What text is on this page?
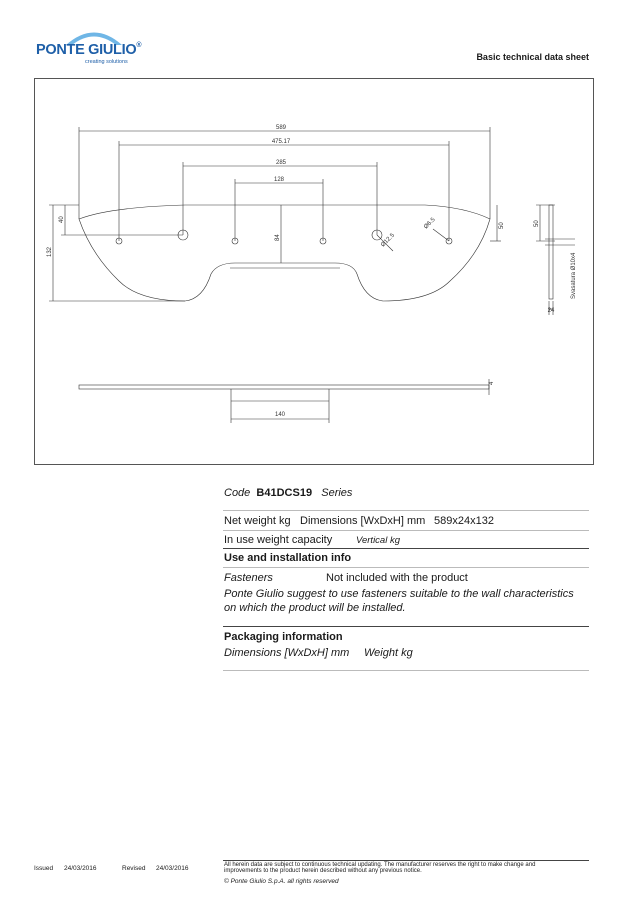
PONTE GIULIO®
creating solutions	Basic technical data sheet
589
475.17
285
128
40
132
84
50
Ø12.5
Ø6.5	50
Svasatura Ø10x4
24
4
140
Code B41DCS19 Series
Net weight kg Dimensions [WxDxH] mm 589x24x132
In use weight capacity	Vertical kg
Use and installation info
Fasteners	Not included with the product
Ponte Giulio suggest to use fasteners suitable to the wall characteristics
on which the product will be installed.
Packaging information
Dimensions [WxDxH] mm Weight kg
Issued 24/03/2016	Revised 24/03/2016	All herein data are subject to continuous technical updating. The manufacturer reserves the right to make change and
improvements to the product herein described without any previous notice.
© Ponte Giulio S.p.A. all rights reserved
